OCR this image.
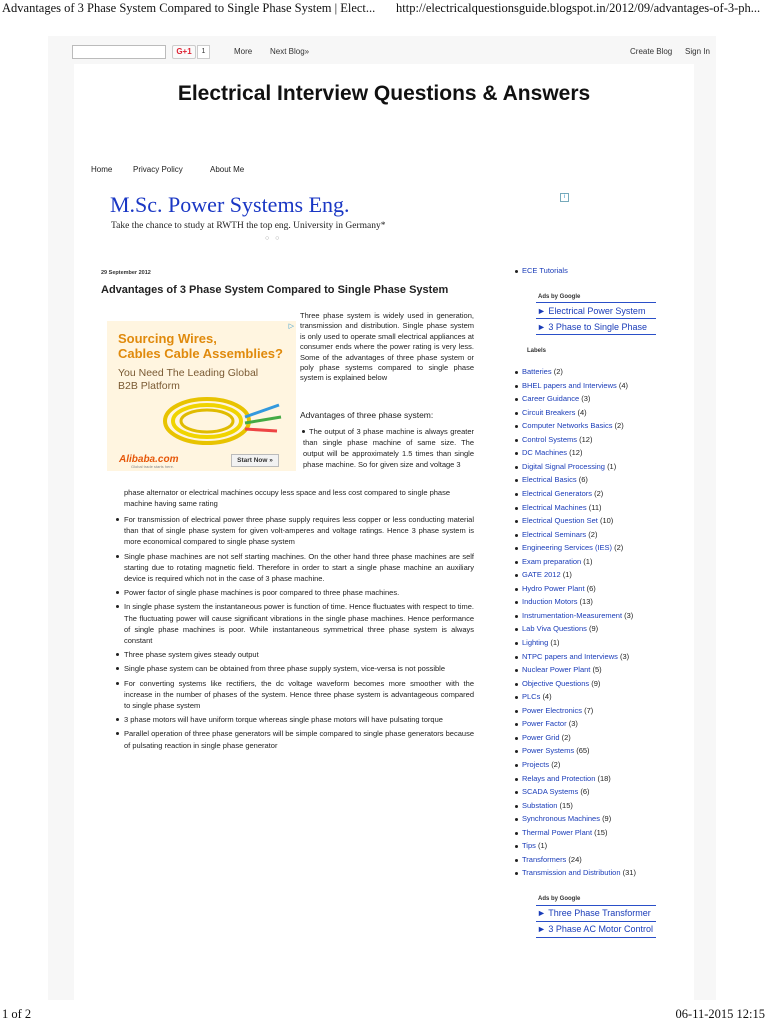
Advantages of 3 Phase System Compared to Single Phase System | Elect...	http://electricalquestionsguide.blogspot.in/2012/09/advantages-of-3-ph...
G+1	1	More Next Blog»	Create Blog Sign In
Electrical Interview Questions & Answers
Home	Privacy Policy	About Me
M.Sc. Power Systems Eng.
Take the chance to study at RWTH the top eng. University in Germany*
○ ○
i
29 September 2012
Advantages of 3 Phase System Compared to Single Phase System
▷
Sourcing Wires,
Cables Cable Assemblies?
You Need The Leading Global
B2B Platform
Alibaba.com
Global trade starts here.
Start Now »

Three phase system is widely used in generation, transmission and distribution. Single phase system is only used to operate small electrical appliances at consumer ends where the power rating is very less. Some of the advantages of three phase system or poly phase systems compared to single phase system is explained below

Advantages of three phase system:

The output of 3 phase machine is always greater than single phase machine of same size. The output will be approximately 1.5 times than single phase machine. So for given size and voltage 3

phase alternator or electrical machines occupy less space and less cost compared to single phase machine having same rating

For transmission of electrical power three phase supply requires less copper or less conducting material than that of single phase system for given volt-amperes and voltage ratings. Hence 3 phase system is more economical compared to single phase system
Single phase machines are not self starting machines. On the other hand three phase machines are self starting due to rotating magnetic field. Therefore in order to start a single phase machine an auxiliary device is required which not in the case of 3 phase machine.
Power factor of single phase machines is poor compared to three phase machines.
In single phase system the instantaneous power is function of time. Hence fluctuates with respect to time. The fluctuating power will cause significant vibrations in the single phase machines. Hence performance of single phase machines is poor. While instantaneous symmetrical three phase system is always constant
Three phase system gives steady output
Single phase system can be obtained from three phase supply system, vice-versa is not possible
For converting systems like rectifiers, the dc voltage waveform becomes more smoother with the increase in the number of phases of the system. Hence three phase system is advantageous compared to single phase system
3 phase motors will have uniform torque whereas single phase motors will have pulsating torque
Parallel operation of three phase generators will be simple compared to single phase generators because of pulsating reaction in single phase generator
ECE Tutorials
Ads by Google
► Electrical Power System
► 3 Phase to Single Phase
Labels
Batteries (2)
BHEL papers and Interviews (4)
Career Guidance (3)
Circuit Breakers (4)
Computer Networks Basics (2)
Control Systems (12)
DC Machines (12)
Digital Signal Processing (1)
Electrical Basics (6)
Electrical Generators (2)
Electrical Machines (11)
Electrical Question Set (10)
Electrical Seminars (2)
Engineering Services (IES) (2)
Exam preparation (1)
GATE 2012 (1)
Hydro Power Plant (6)
Induction Motors (13)
Instrumentation-Measurement (3)
Lab Viva Questions (9)
Lighting (1)
NTPC papers and Interviews (3)
Nuclear Power Plant (5)
Objective Questions (9)
PLCs (4)
Power Electronics (7)
Power Factor (3)
Power Grid (2)
Power Systems (65)
Projects (2)
Relays and Protection (18)
SCADA Systems (6)
Substation (15)
Synchronous Machines (9)
Thermal Power Plant (15)
Tips (1)
Transformers (24)
Transmission and Distribution (31)
Ads by Google
► Three Phase Transformer
► 3 Phase AC Motor Control
1 of 2	06-11-2015 12:15
